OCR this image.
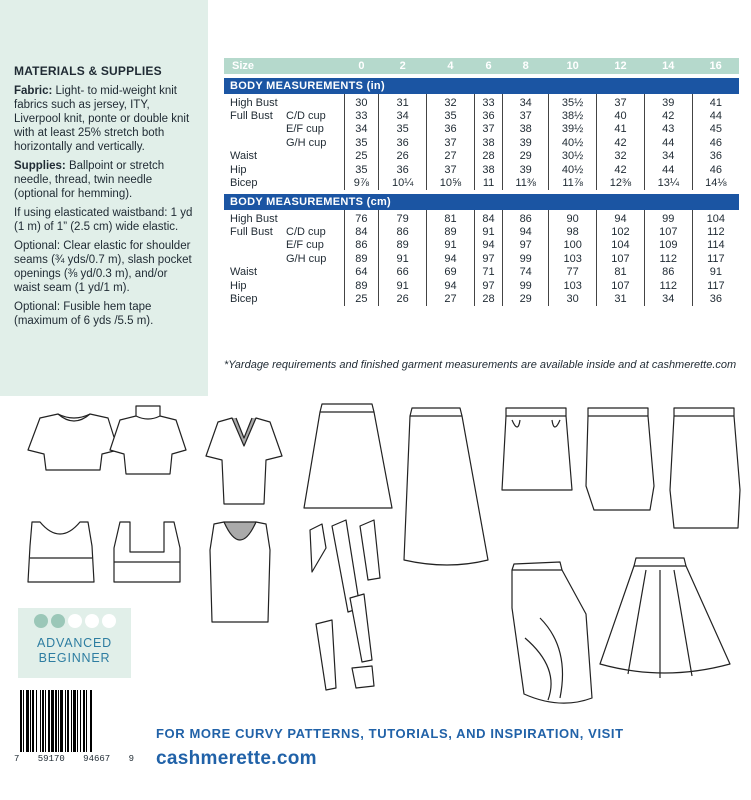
MATERIALS & SUPPLIES

Fabric: Light- to mid-weight knit fabrics such as jersey, ITY, Liverpool knit, ponte or double knit with at least 25% stretch both horizontally and vertically.

Supplies: Ballpoint or stretch needle, thread, twin needle (optional for hemming).

If using elasticated waistband: 1 yd (1 m) of 1” (2.5 cm) wide elastic.

Optional: Clear elastic for shoulder seams (¾ yds/0.7 m), slash pocket openings (⅜ yd/0.3 m), and/or waist seam (1 yd/1 m).

Optional: Fusible hem tape (maximum of 6 yds /5.5 m).

Size		0	2	4	6	8	10	12	14	16

BODY MEASUREMENTS (in)										
High Bust		30	31	32	33	34	35½	37	39	41
Full Bust	C/D cup	33	34	35	36	37	38½	40	42	44
	E/F cup	34	35	36	37	38	39½	41	43	45
	G/H cup	35	36	37	38	39	40½	42	44	46
Waist		25	26	27	28	29	30½	32	34	36
Hip		35	36	37	38	39	40½	42	44	46
Bicep		9⅞	10¼	10⅝	11	11⅜	11⅞	12⅜	13¼	14⅛

BODY MEASUREMENTS (cm)										
High Bust		76	79	81	84	86	90	94	99	104
Full Bust	C/D cup	84	86	89	91	94	98	102	107	112
	E/F cup	86	89	91	94	97	100	104	109	114
	G/H cup	89	91	94	97	99	103	107	112	117
Waist		64	66	69	71	74	77	81	86	91
Hip		89	91	94	97	99	103	107	112	117
Bicep		25	26	27	28	29	30	31	34	36
*Yardage requirements and finished garment measurements are available inside and at cashmerette.com
ADVANCED
BEGINNER
7 59170 94667 9
FOR MORE CURVY PATTERNS, TUTORIALS, AND INSPIRATION, VISIT
cashmerette.com
